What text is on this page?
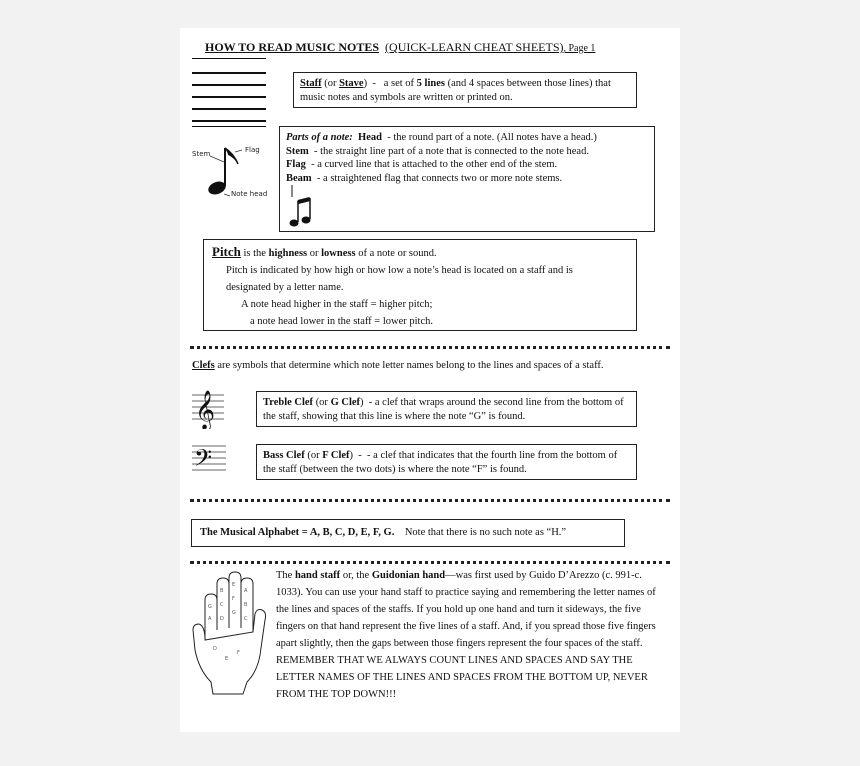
HOW TO READ MUSIC NOTES (QUICK-LEARN CHEAT SHEETS), Page 1
Staff (or Stave)  -   a set of 5 lines (and 4 spaces between those lines) that music notes and symbols are written or printed on.
Stem	Flag
Note head
Parts of a note: Head - the round part of a note. (All notes have a head.)
Stem - the straight line part of a note that is connected to the note head.
Flag - a curved line that is attached to the other end of the stem.
Beam - a straightened flag that connects two or more note stems.
Pitch is the highness or lowness of a note or sound.
Pitch is indicated by how high or how low a note’s head is located on a staff and is
designated by a letter name.
A note head higher in the staff = higher pitch;
a note head lower in the staff = lower pitch.
Clefs are symbols that determine which note letter names belong to the lines and spaces of a staff.
𝄞	Treble Clef (or G Clef)  - a clef that wraps around the second line from the bottom of the staff, showing that this line is where the note “G” is found.
𝄢	Bass Clef (or F Clef)  -  - a clef that indicates that the fourth line from the bottom of the staff (between the two dots) is where the note “F” is found.
The Musical Alphabet = A, B, C, D, E, F, G. Note that there is no such note as “H.”
G
A
B
C
D
E
F
G
A
B
C
D
E
F
The hand staff or, the Guidonian hand—was first used by Guido D’Arezzo (c. 991-c. 1033). You can use your hand staff to practice saying and remembering the letter names of the lines and spaces of the staffs. If you hold up one hand and turn it sideways, the five fingers on that hand represent the five lines of a staff. And, if you spread those five fingers apart slightly, then the gaps between those fingers represent the four spaces of the staff.
REMEMBER THAT WE ALWAYS COUNT LINES AND SPACES AND SAY THE LETTER NAMES OF THE LINES AND SPACES FROM THE BOTTOM UP, NEVER FROM THE TOP DOWN!!!
